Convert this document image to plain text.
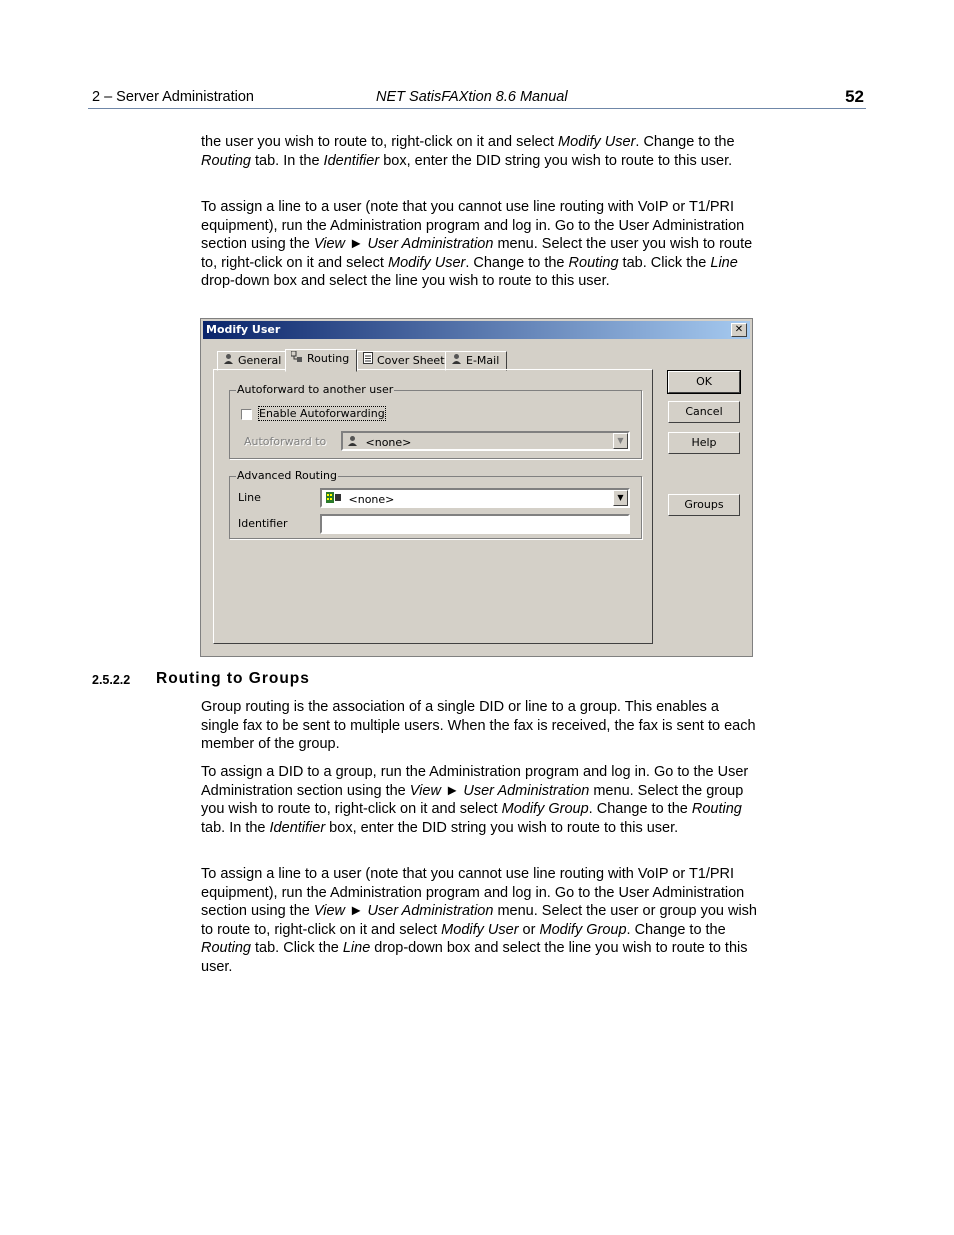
2 – Server Administration	NET SatisFAXtion 8.6 Manual	52

the user you wish to route to, right-click on it and select Modify User. Change to the Routing tab. In the Identifier box, enter the DID string you wish to route to this user.

To assign a line to a user (note that you cannot use line routing with VoIP or T1/PRI equipment), run the Administration program and log in. Go to the User Administration section using the View ► User Administration menu. Select the user you wish to route to, right-click on it and select Modify User. Change to the Routing tab. Click the Line drop-down box and select the line you wish to route to this user.

Modify User	✕
General	Routing	Cover Sheet	E-Mail
Autoforward to another user
Enable Autoforwarding
Autoforward to	<none>	▼
Advanced Routing
Line	<none>	▼
Identifier
OK
Cancel
Help
Groups
2.5.2.2 Routing to Groups

Group routing is the association of a single DID or line to a group. This enables a single fax to be sent to multiple users. When the fax is received, the fax is sent to each member of the group.

To assign a DID to a group, run the Administration program and log in. Go to the User Administration section using the View ► User Administration menu. Select the group you wish to route to, right-click on it and select Modify Group. Change to the Routing tab. In the Identifier box, enter the DID string you wish to route to this user.

To assign a line to a user (note that you cannot use line routing with VoIP or T1/PRI equipment), run the Administration program and log in. Go to the User Administration section using the View ► User Administration menu. Select the user or group you wish to route to, right-click on it and select Modify User or Modify Group. Change to the Routing tab. Click the Line drop-down box and select the line you wish to route to this user.
